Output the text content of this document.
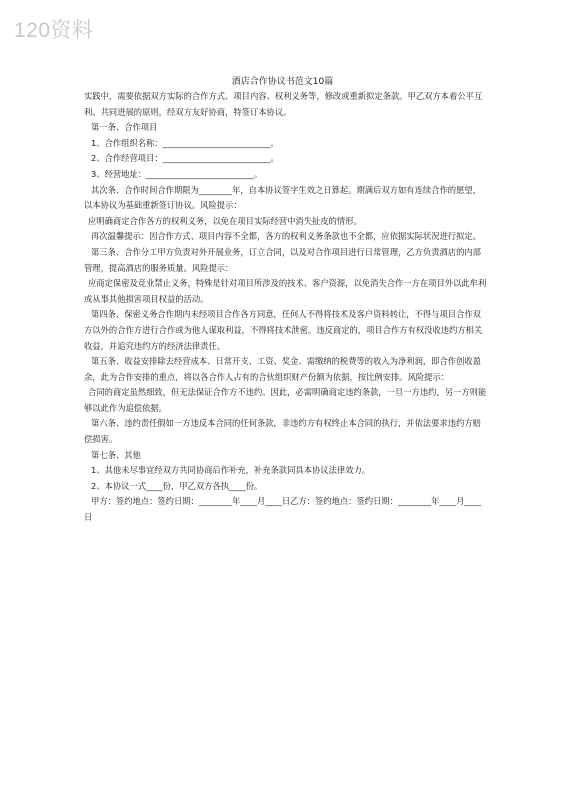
120资料
酒店合作协议书范文10篇

实践中，需要依据双方实际的合作方式、项目内容、权利义务等，修改或重新拟定条款。甲乙双方本着公平互利、共同进展的原则，经双方友好协商，特签订本协议。

第一条、合作项目

1、合作组织名称：__________________________。

2、合作经营项目：__________________________。

3、经营地址：__________________________。

其次条、合作时间合作期限为________年，自本协议签字生效之日算起。期满后双方如有连续合作的愿望，以本协议为基础重新签订协议。风险提示：

应明确商定合作各方的权利义务，以免在项目实际经营中消失扯皮的情形。

再次温馨提示：因合作方式、项目内容不全都，各方的权利义务条款也不全都，应依据实际状况进行拟定。

第三条、合作分工甲方负责对外开展业务，订立合同，以及对合作项目进行日常管理，乙方负责酒店的内部管理，提高酒店的服务质量。风险提示：

应商定保密及竞业禁止义务，特殊是针对项目所涉及的技术、客户资源，以免消失合作一方在项目外以此牟利或从事其他损害项目权益的活动。

第四条、保密义务合作期内未经项目合作各方同意，任何人不得将技术及客户资料转让，不得与项目合作双方以外的合作方进行合作或为他人谋取利益，不得将技术泄密。违反商定的，项目合作方有权没收违约方相关收益，并追究违约方的经济法律责任。

第五条、收益安排除去经营成本、日常开支、工资、奖金、需缴纳的税费等的收入为净利润，即合作创收盈余，此为合作安排的重点，将以各合作人占有的合伙组织财产份额为依据，按比例安排。风险提示：

合同的商定虽然细致，但无法保证合作方不违约。因此，必需明确商定违约条款，一旦一方违约，另一方则能够以此作为追偿依据。

第六条、违约责任假如一方违反本合同的任何条款，非违约方有权终止本合同的执行，并依法要求违约方赔偿损害。

第七条、其他

1、其他未尽事宜经双方共同协商后作补充，补充条款同具本协议法律效力。

2、本协议一式____份，甲乙双方各执____份。

甲方：签约地点：签约日期：________年____月____日乙方：签约地点：签约日期：________年____月____日
